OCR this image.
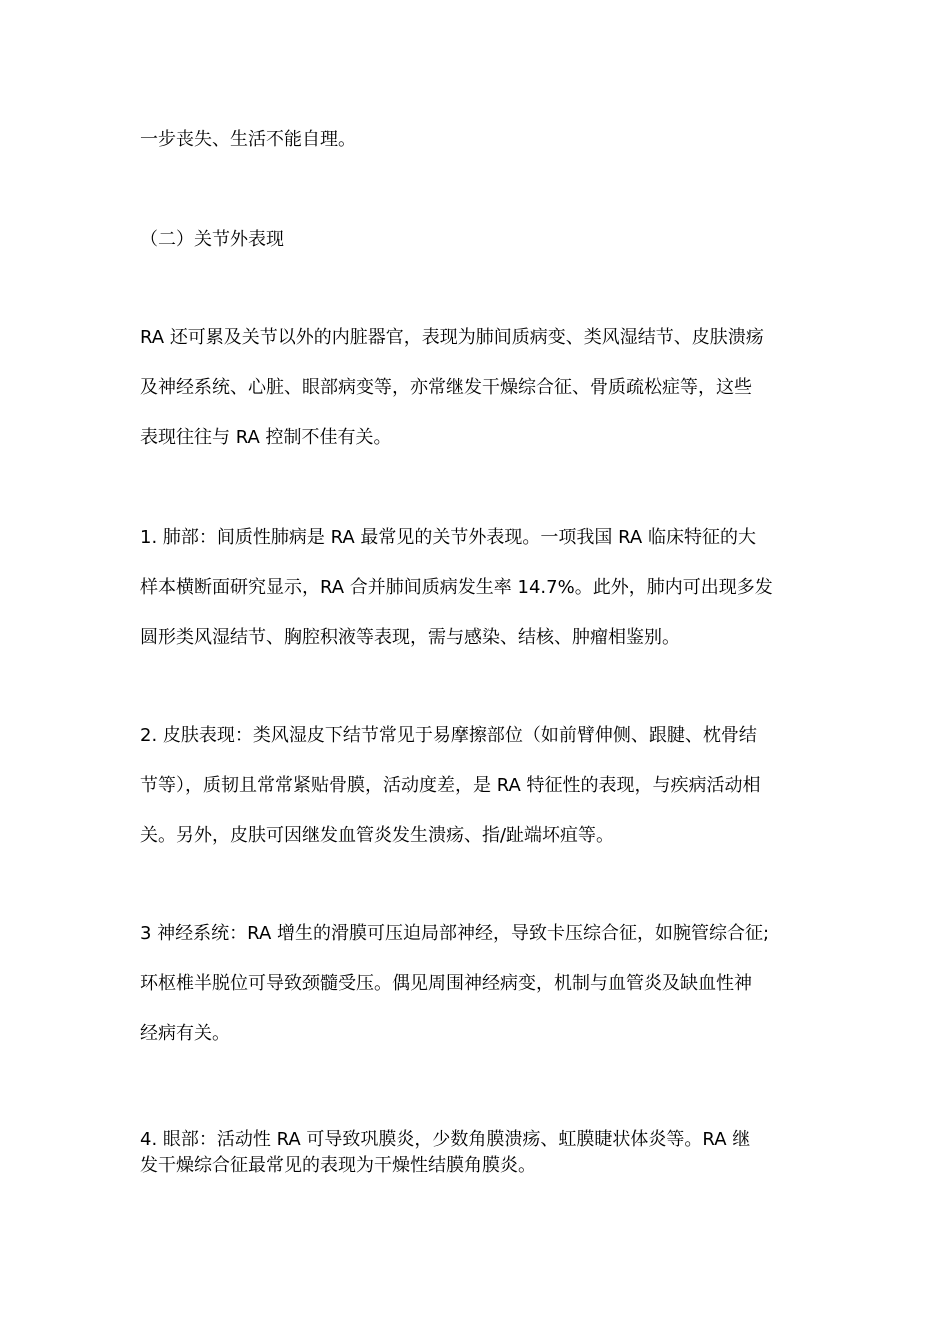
一步丧失、生活不能自理。

（二）关节外表现

RA 还可累及关节以外的内脏器官，表现为肺间质病变、类风湿结节、皮肤溃疡

及神经系统、心脏、眼部病变等，亦常继发干燥综合征、骨质疏松症等，这些

表现往往与 RA 控制不佳有关。

1. 肺部：间质性肺病是 RA 最常见的关节外表现。一项我国 RA 临床特征的大

样本横断面研究显示，RA 合并肺间质病发生率 14.7%。此外，肺内可出现多发

圆形类风湿结节、胸腔积液等表现，需与感染、结核、肿瘤相鉴别。

2. 皮肤表现：类风湿皮下结节常见于易摩擦部位（如前臂伸侧、跟腱、枕骨结

节等），质韧且常常紧贴骨膜，活动度差，是 RA 特征性的表现，与疾病活动相

关。另外，皮肤可因继发血管炎发生溃疡、指/趾端坏疽等。

3 神经系统：RA 增生的滑膜可压迫局部神经，导致卡压综合征，如腕管综合征;

环枢椎半脱位可导致颈髓受压。偶见周围神经病变，机制与血管炎及缺血性神

经病有关。

4. 眼部：活动性 RA 可导致巩膜炎，少数角膜溃疡、虹膜睫状体炎等。RA 继

发干燥综合征最常见的表现为干燥性结膜角膜炎。
